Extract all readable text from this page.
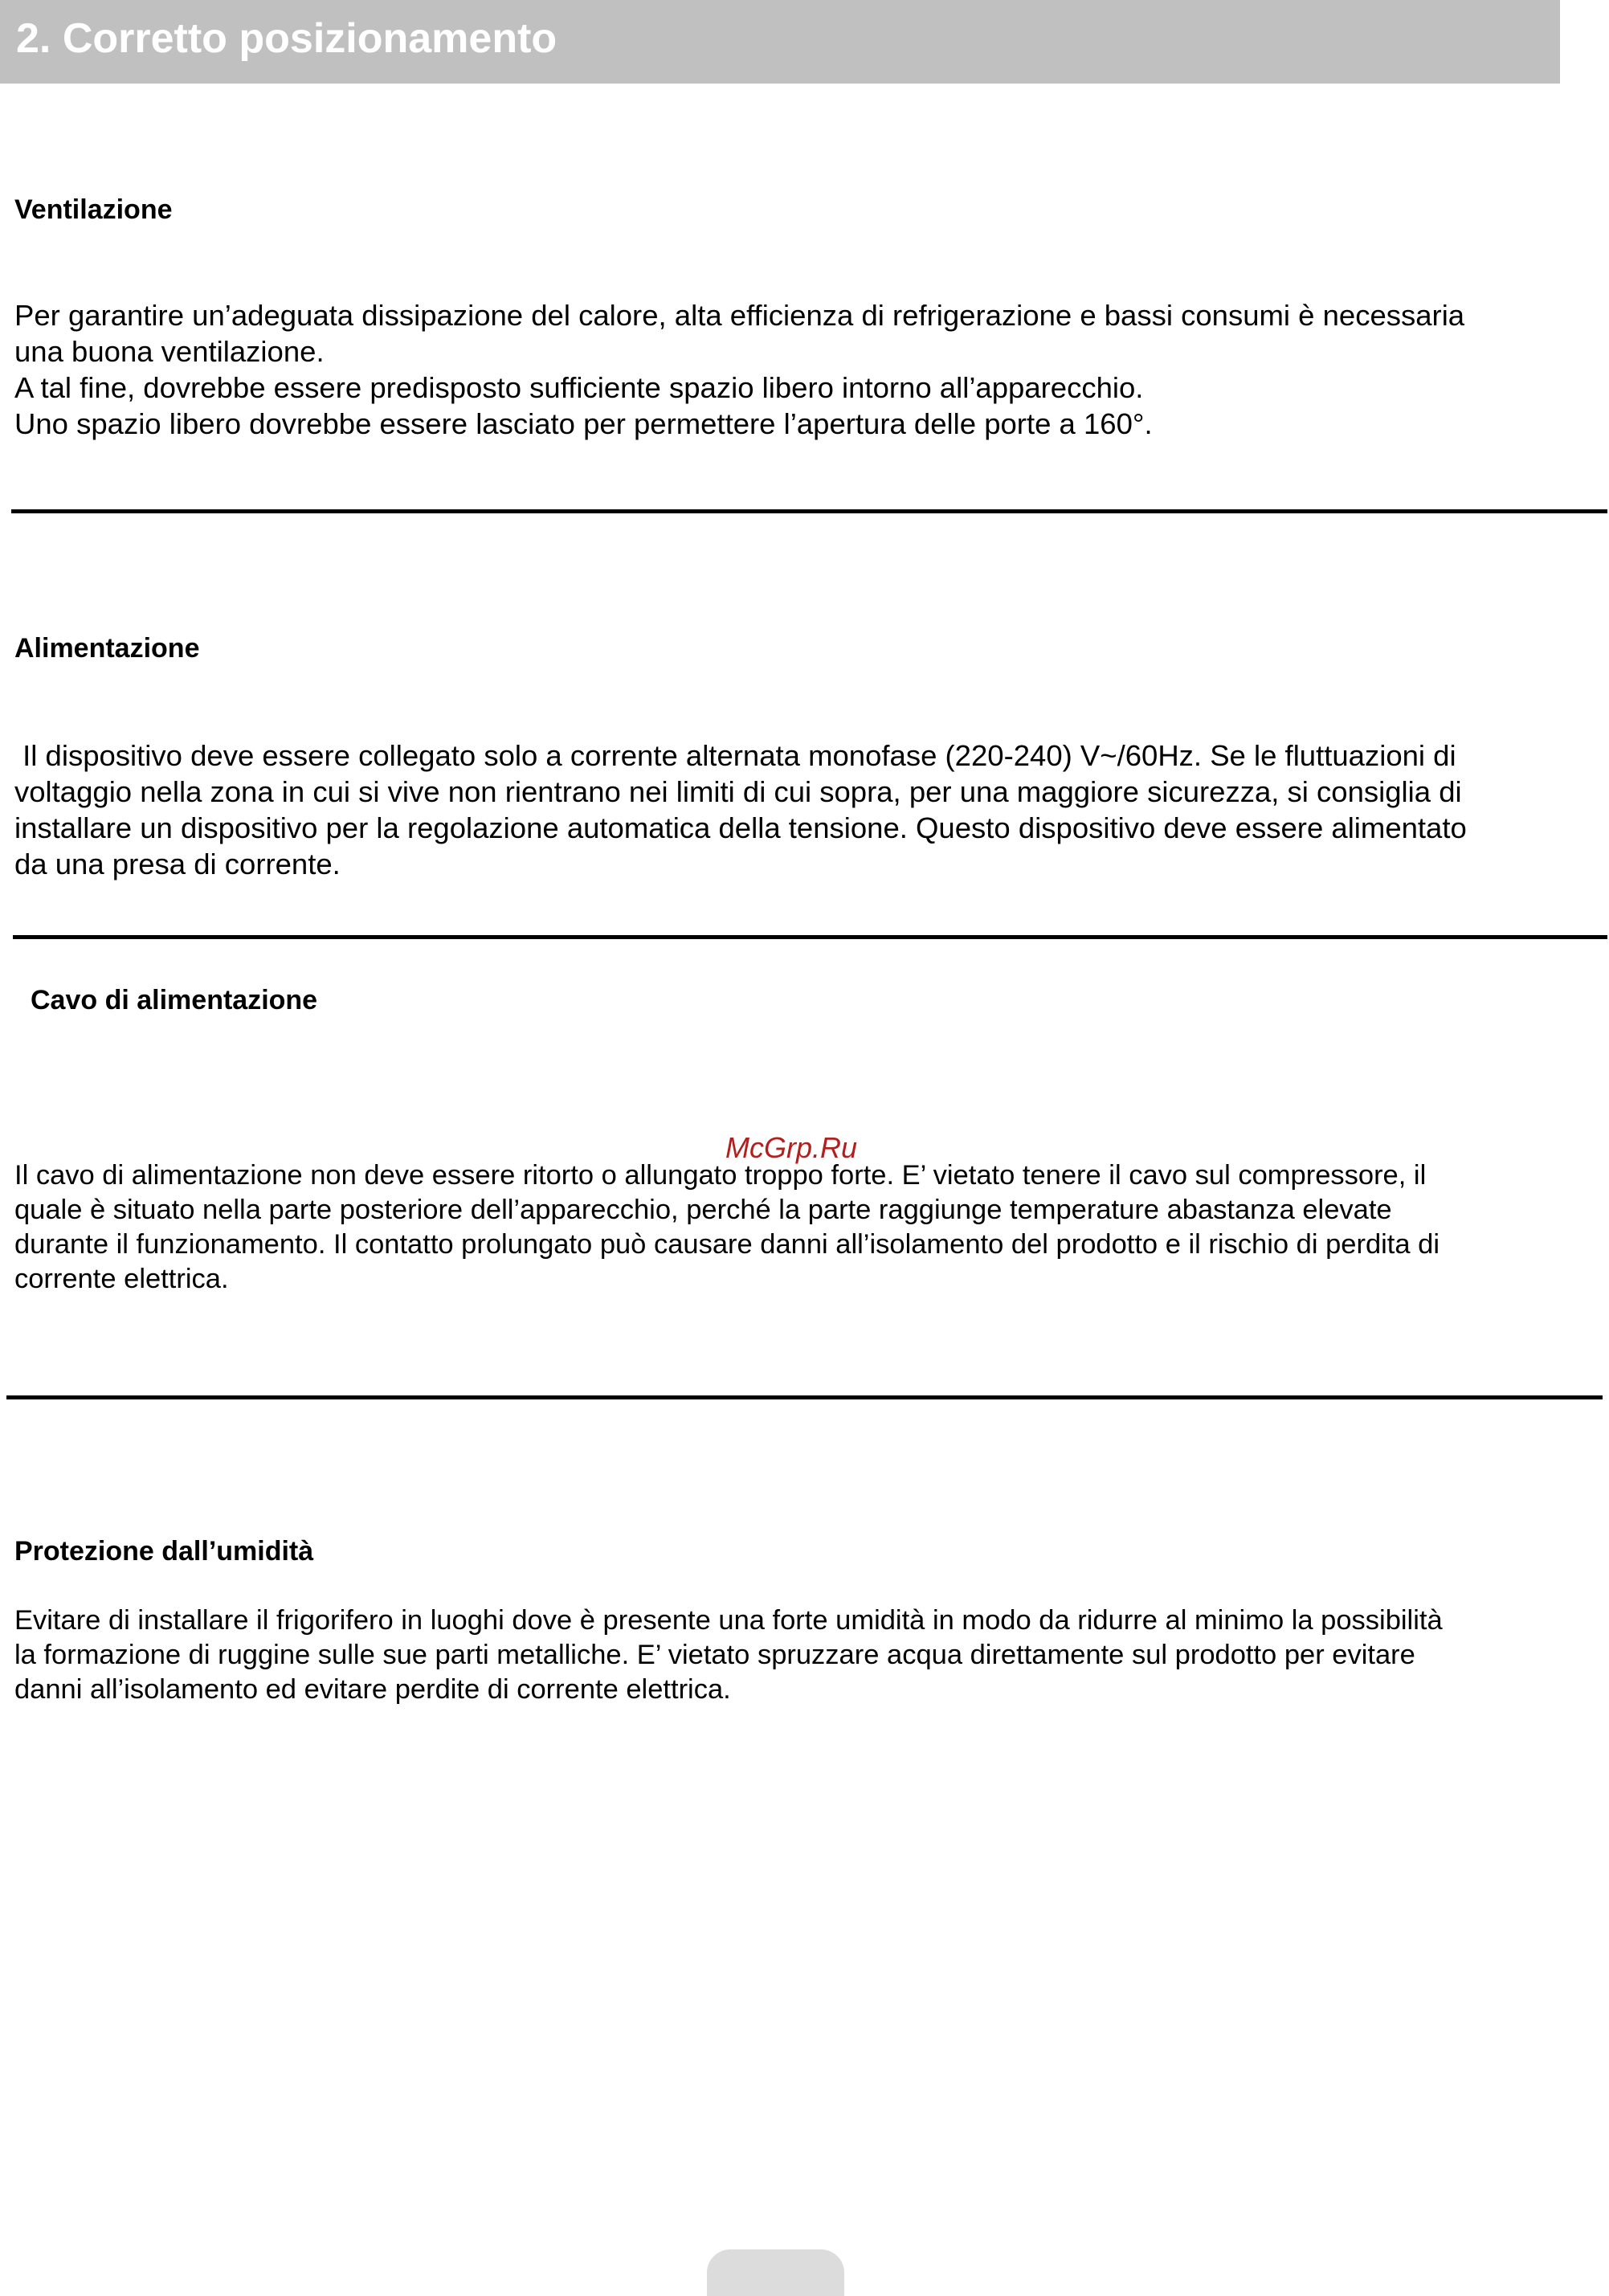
2. Corretto posizionamento
Ventilazione

Per garantire un’adeguata dissipazione del calore, alta efficienza di refrigerazione e bassi consumi è necessaria
una buona ventilazione.
A tal fine, dovrebbe essere predisposto sufficiente spazio libero intorno all’apparecchio.
Uno spazio libero dovrebbe essere lasciato per permettere l’apertura delle porte a 160°.

Alimentazione

Il dispositivo deve essere collegato solo a corrente alternata monofase (220-240) V~/60Hz. Se le fluttuazioni di
voltaggio nella zona in cui si vive non rientrano nei limiti di cui sopra, per una maggiore sicurezza, si consiglia di
installare un dispositivo per la regolazione automatica della tensione. Questo dispositivo deve essere alimentato
da una presa di corrente.

Cavo di alimentazione
McGrp.Ru

Il cavo di alimentazione non deve essere ritorto o allungato troppo forte. E’ vietato tenere il cavo sul compressore, il
quale è situato nella parte posteriore dell’apparecchio, perché la parte raggiunge temperature abastanza elevate
durante il funzionamento. Il contatto prolungato può causare danni all’isolamento del prodotto e il rischio di perdita di
corrente elettrica.

Protezione dall’umidità

Evitare di installare il frigorifero in luoghi dove è presente una forte umidità in modo da ridurre al minimo la possibilità
la formazione di ruggine sulle sue parti metalliche. E’ vietato spruzzare acqua direttamente sul prodotto per evitare
danni all’isolamento ed evitare perdite di corrente elettrica.
